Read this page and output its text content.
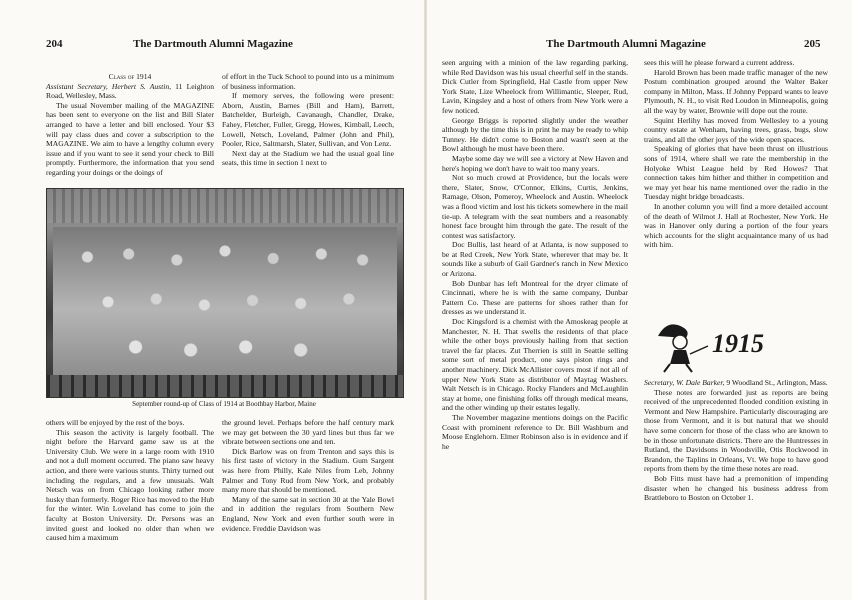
204	The Dartmouth Alumni Magazine

Class of 1914

Assistant Secretary, Herbert S. Austin, 11 Leighton Road, Wellesley, Mass.

The usual November mailing of the MAGAZINE has been sent to everyone on the list and Bill Slater arranged to have a letter and bill enclosed. Your $3 will pay class dues and cover a subscription to the MAGAZINE. We aim to have a lengthy column every issue and if you want to see it send your check to Bill promptly. Furthermore, the information that you send regarding your doings or the doings of

of effort in the Tuck School to pound into us a minimum of business information.

If memory serves, the following were present: Aborn, Austin, Barnes (Bill and Ham), Barrett, Batchelder, Burleigh, Cavanaugh, Chandler, Drake, Fahey, Fletcher, Fuller, Gregg, Howes, Kimball, Leech, Lowell, Netsch, Loveland, Palmer (John and Phil), Pooler, Rice, Saltmarsh, Slater, Sullivan, and Von Lenz.

Next day at the Stadium we had the usual goal line seats, this time in section 1 next to

September round-up of Class of 1914 at Boothbay Harbor, Maine

others will be enjoyed by the rest of the boys.

This season the activity is largely football. The night before the Harvard game saw us at the University Club. We were in a large room with 1910 and not a dull moment occurred. The piano saw heavy action, and there were various stunts. Thirty turned out including the regulars, and a few unusuals. Walt Netsch was on from Chicago looking rather more husky than formerly. Roger Rice has moved to the Hub for the winter. Win Loveland has come to join the faculty at Boston University. Dr. Persons was an invited guest and looked no older than when we caused him a maximum

the ground level. Perhaps before the half century mark we may get between the 30 yard lines but thus far we vibrate between sections one and ten.

Dick Barlow was on from Trenton and says this is his first taste of victory in the Stadium. Gum Sargent was here from Philly, Kale Niles from Leb, Johnny Palmer and Tony Rud from New York, and probably many more that should be mentioned.

Many of the same sat in section 30 at the Yale Bowl and in addition the regulars from Southern New England, New York and even further south were in evidence. Freddie Davidson was

The Dartmouth Alumni Magazine	205

seen arguing with a minion of the law regarding parking, while Red Davidson was his usual cheerful self in the stands. Dick Cutler from Springfield, Hal Castle from upper New York State, Lize Wheelock from Willimantic, Sleeper, Rud, Lavin, Kingsley and a host of others from New York were a few noticed.

George Briggs is reported slightly under the weather although by the time this is in print he may be ready to whip Tunney. He didn't come to Boston and wasn't seen at the Bowl although he must have been there.

Maybe some day we will see a victory at New Haven and here's hoping we don't have to wait too many years.

Not so much crowd at Providence, but the locals were there, Slater, Snow, O'Connor, Elkins, Curtis, Jenkins, Ramage, Olson, Pomeroy, Wheelock and Austin. Wheelock was a flood victim and lost his tickets somewhere in the mail tie-up. A telegram with the seat numbers and a reasonably honest face brought him through the gate. The result of the contest was satisfactory.

Doc Bullis, last heard of at Atlanta, is now supposed to be at Red Creek, New York State, wherever that may be. It sounds like a suburb of Gail Gardner's ranch in New Mexico or Arizona.

Bob Dunbar has left Montreal for the dryer climate of Cincinnati, where he is with the same company, Dunbar Pattern Co. These are patterns for shoes rather than for dresses as we understand it.

Doc Kingsford is a chemist with the Amoskeag people at Manchester, N. H. That swells the residents of that place while the other boys previously hailing from that section travel the far places. Zut Therrien is still in Seattle selling some sort of metal product, one says piston rings and another machinery. Dick McAllister covers most if not all of upper New York State as distributor of Maytag Washers. Walt Netsch is in Chicago. Rocky Flanders and McLaughlin stay at home, one finishing folks off through medical means, and the other winding up their estates legally.

The November magazine mentions doings on the Pacific Coast with prominent reference to Dr. Bill Washburn and Moose Englehorn. Elmer Robinson also is in evidence and if he

sees this will he please forward a current address.

Harold Brown has been made traffic manager of the new Postum combination grouped around the Walter Baker company in Milton, Mass. If Johnny Peppard wants to leave Plymouth, N. H., to visit Red Loudon in Minneapolis, going all the way by water, Brownie will dope out the route.

Squint Herlihy has moved from Wellesley to a young country estate at Wenham, having trees, grass, bugs, slow trains, and all the other joys of the wide open spaces.

Speaking of glories that have been thrust on illustrious sons of 1914, where shall we rate the membership in the Holyoke Whist League held by Red Howes? That connection takes him hither and thither in competition and we may yet hear his name mentioned over the radio in the Tuesday night bridge broadcasts.

In another column you will find a more detailed account of the death of Wilmot J. Hall at Rochester, New York. He was in Hanover only during a portion of the four years which accounts for the slight acquaintance many of us had with him.

1915

Secretary, W. Dale Barker, 9 Woodland St., Arlington, Mass.

These notes are forwarded just as reports are being received of the unprecedented flooded condition existing in Vermont and New Hampshire. Particularly discouraging are those from Vermont, and it is but natural that we should have some concern for those of the class who are known to be in those unfortunate districts. There are the Huntresses in Rutland, the Davidsons in Woodsville, Otis Rockwood in Brandon, the Taplins in Orleans, Vt. We hope to have good reports from them by the time these notes are read.

Bob Fitts must have had a premonition of impending disaster when he changed his business address from Brattleboro to Boston on October 1.
